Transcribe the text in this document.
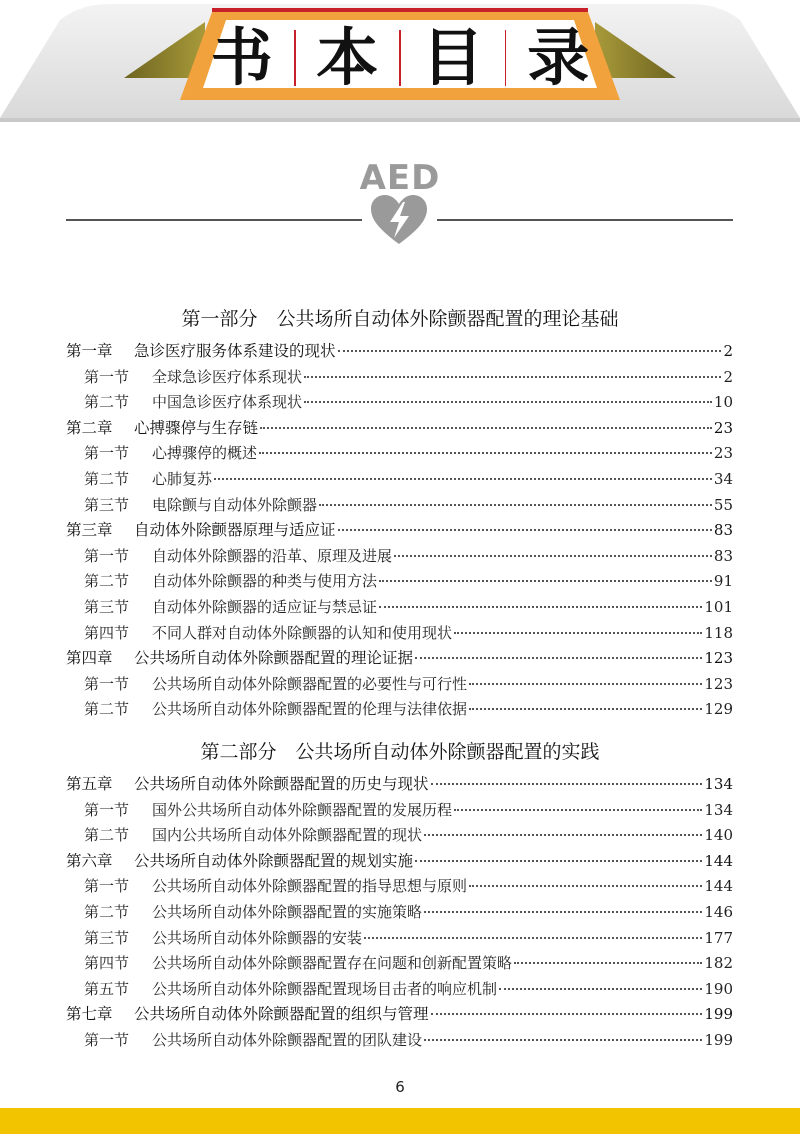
书 本 目 录
AED
第一部分　公共场所自动体外除颤器配置的理论基础
第一章	急诊医疗服务体系建设的现状	2
第一节	全球急诊医疗体系现状	2
第二节	中国急诊医疗体系现状	10
第二章	心搏骤停与生存链	23
第一节	心搏骤停的概述	23
第二节	心肺复苏	34
第三节	电除颤与自动体外除颤器	55
第三章	自动体外除颤器原理与适应证	83
第一节	自动体外除颤器的沿革、原理及进展	83
第二节	自动体外除颤器的种类与使用方法	91
第三节	自动体外除颤器的适应证与禁忌证	101
第四节	不同人群对自动体外除颤器的认知和使用现状	118
第四章	公共场所自动体外除颤器配置的理论证据	123
第一节	公共场所自动体外除颤器配置的必要性与可行性	123
第二节	公共场所自动体外除颤器配置的伦理与法律依据	129
第二部分　公共场所自动体外除颤器配置的实践
第五章	公共场所自动体外除颤器配置的历史与现状	134
第一节	国外公共场所自动体外除颤器配置的发展历程	134
第二节	国内公共场所自动体外除颤器配置的现状	140
第六章	公共场所自动体外除颤器配置的规划实施	144
第一节	公共场所自动体外除颤器配置的指导思想与原则	144
第二节	公共场所自动体外除颤器配置的实施策略	146
第三节	公共场所自动体外除颤器的安装	177
第四节	公共场所自动体外除颤器配置存在问题和创新配置策略	182
第五节	公共场所自动体外除颤器配置现场目击者的响应机制	190
第七章	公共场所自动体外除颤器配置的组织与管理	199
第一节	公共场所自动体外除颤器配置的团队建设	199
6
